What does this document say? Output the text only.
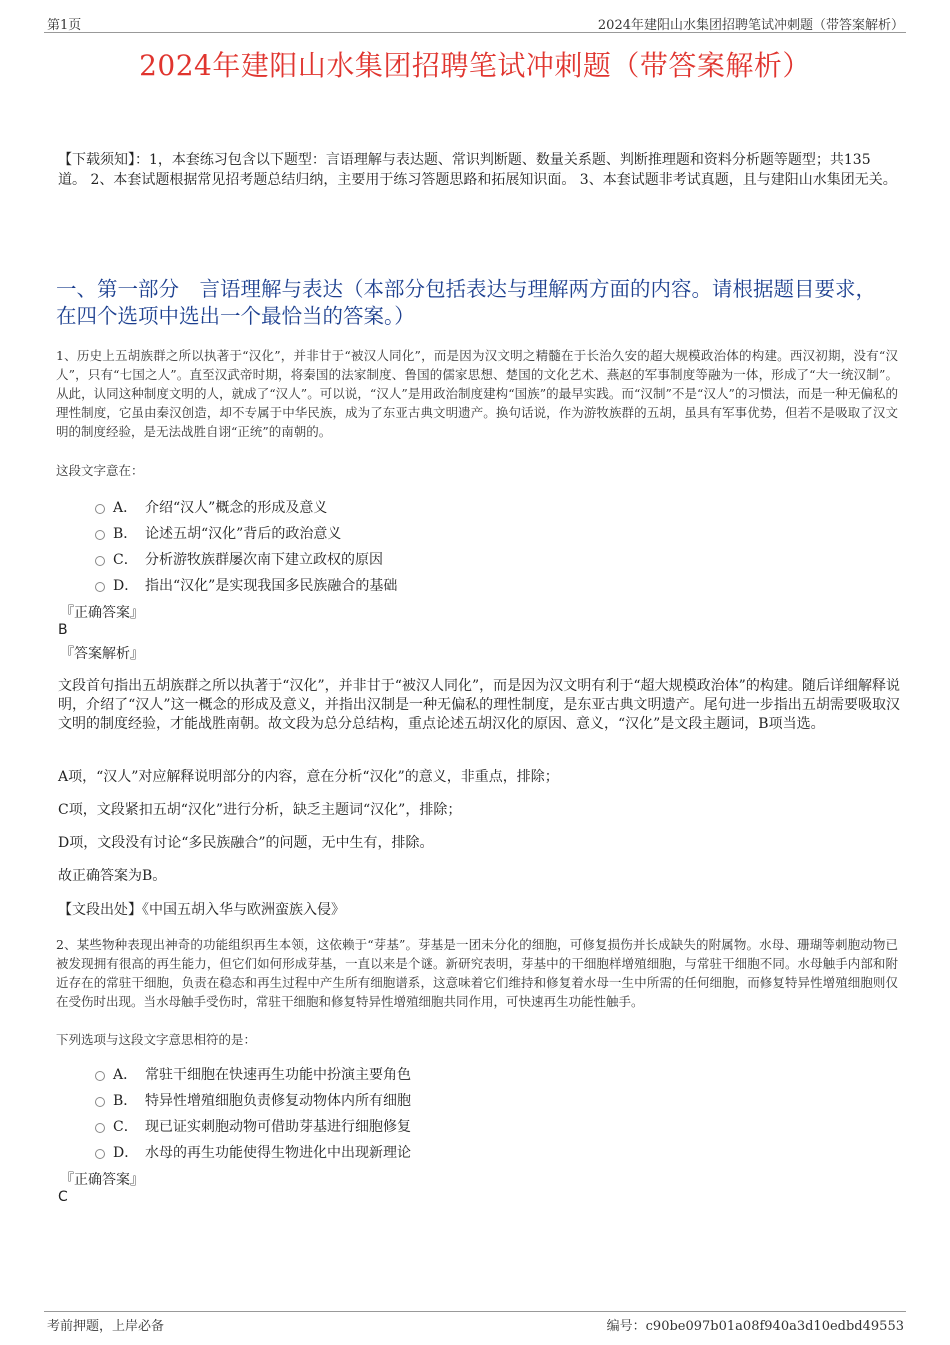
第1页	2024年建阳山水集团招聘笔试冲刺题（带答案解析）
2024年建阳山水集团招聘笔试冲刺题（带答案解析）
【下载须知】：1，本套练习包含以下题型：言语理解与表达题、常识判断题、数量关系题、判断推理题和资料分析题等题型；共135道。 2、本套试题根据常见招考题总结归纳，主要用于练习答题思路和拓展知识面。 3、本套试题非考试真题，且与建阳山水集团无关。
一、第一部分　言语理解与表达（本部分包括表达与理解两方面的内容。请根据题目要求，在四个选项中选出一个最恰当的答案。）
1、历史上五胡族群之所以执著于“汉化”，并非甘于“被汉人同化”，而是因为汉文明之精髓在于长治久安的超大规模政治体的构建。西汉初期，没有“汉人”，只有“七国之人”。直至汉武帝时期，将秦国的法家制度、鲁国的儒家思想、楚国的文化艺术、燕赵的军事制度等融为一体，形成了“大一统汉制”。从此，认同这种制度文明的人，就成了“汉人”。可以说，“汉人”是用政治制度建构“国族”的最早实践。而“汉制”不是“汉人”的习惯法，而是一种无偏私的理性制度，它虽由秦汉创造，却不专属于中华民族，成为了东亚古典文明遗产。换句话说，作为游牧族群的五胡，虽具有军事优势，但若不是吸取了汉文明的制度经验，是无法战胜自诩“正统”的南朝的。
这段文字意在：
A． 介绍“汉人”概念的形成及意义
B． 论述五胡“汉化”背后的政治意义
C． 分析游牧族群屡次南下建立政权的原因
D． 指出“汉化”是实现我国多民族融合的基础
『正确答案』
B
『答案解析』
文段首句指出五胡族群之所以执著于“汉化”，并非甘于“被汉人同化”，而是因为汉文明有利于“超大规模政治体”的构建。随后详细解释说明，介绍了“汉人”这一概念的形成及意义，并指出汉制是一种无偏私的理性制度，是东亚古典文明遗产。尾句进一步指出五胡需要吸取汉文明的制度经验，才能战胜南朝。故文段为总分总结构，重点论述五胡汉化的原因、意义，“汉化”是文段主题词，B项当选。
A项，“汉人”对应解释说明部分的内容，意在分析“汉化”的意义，非重点，排除；
C项，文段紧扣五胡“汉化”进行分析，缺乏主题词“汉化”，排除；
D项，文段没有讨论“多民族融合”的问题，无中生有，排除。
故正确答案为B。
【文段出处】《中国五胡入华与欧洲蛮族入侵》
2、某些物种表现出神奇的功能组织再生本领，这依赖于“芽基”。芽基是一团未分化的细胞，可修复损伤并长成缺失的附属物。水母、珊瑚等刺胞动物已被发现拥有很高的再生能力，但它们如何形成芽基，一直以来是个谜。新研究表明，芽基中的干细胞样增殖细胞，与常驻干细胞不同。水母触手内部和附近存在的常驻干细胞，负责在稳态和再生过程中产生所有细胞谱系，这意味着它们维持和修复着水母一生中所需的任何细胞，而修复特异性增殖细胞则仅在受伤时出现。当水母触手受伤时，常驻干细胞和修复特异性增殖细胞共同作用，可快速再生功能性触手。
下列选项与这段文字意思相符的是：
A． 常驻干细胞在快速再生功能中扮演主要角色
B． 特异性增殖细胞负责修复动物体内所有细胞
C． 现已证实刺胞动物可借助芽基进行细胞修复
D． 水母的再生功能使得生物进化中出现新理论
『正确答案』
C
考前押题，上岸必备	编号：c90be097b01a08f940a3d10edbd49553
